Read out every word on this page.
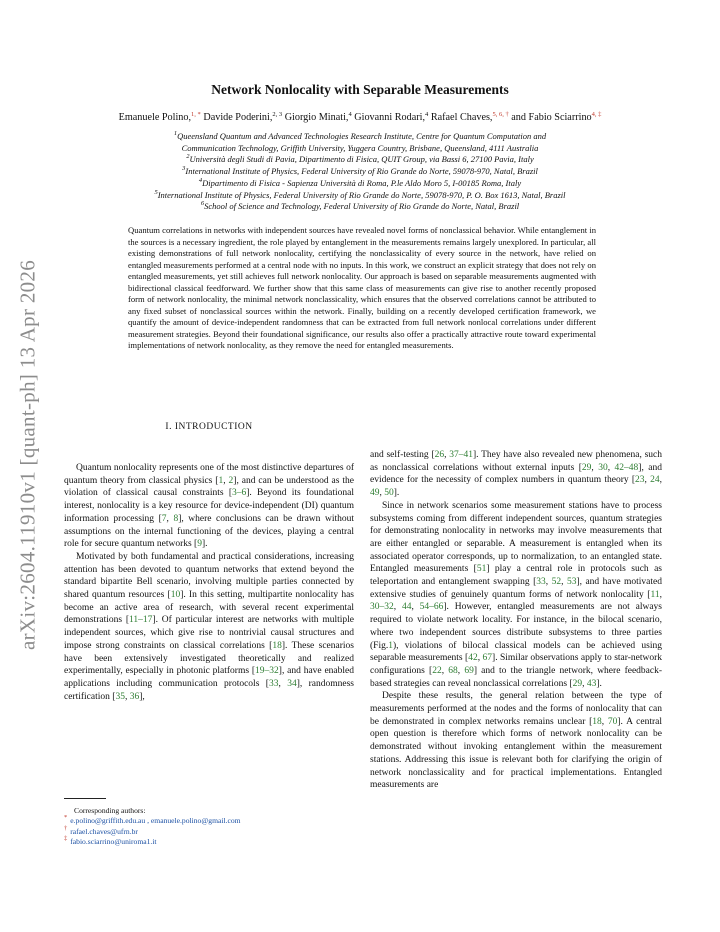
arXiv:2604.11910v1 [quant-ph] 13 Apr 2026
Network Nonlocality with Separable Measurements
Emanuele Polino,$^{1, *}$ Davide Poderini,$^{2, 3}$ Giorgio Minati,$^4$ Giovanni Rodari,$^4$ Rafael Chaves,$^{5, 6, \dagger}$ and Fabio Sciarrino$^{4, \ddagger}$
$^1$Queensland Quantum and Advanced Technologies Research Institute, Centre for Quantum Computation and
Communication Technology, Griffith University, Yuggera Country, Brisbane, Queensland, 4111 Australia
$^2$Università degli Studi di Pavia, Dipartimento di Fisica, QUIT Group, via Bassi 6, 27100 Pavia, Italy
$^3$International Institute of Physics, Federal University of Rio Grande do Norte, 59078-970, Natal, Brazil
$^4$Dipartimento di Fisica - Sapienza Università di Roma, P.le Aldo Moro 5, I-00185 Roma, Italy
$^5$International Institute of Physics, Federal University of Rio Grande do Norte, 59078-970, P. O. Box 1613, Natal, Brazil
$^6$School of Science and Technology, Federal University of Rio Grande do Norte, Natal, Brazil
Quantum correlations in networks with independent sources have revealed novel forms of nonclassical behavior. While entanglement in the sources is a necessary ingredient, the role played by entanglement in the measurements remains largely unexplored. In particular, all existing demonstrations of full network nonlocality, certifying the nonclassicality of every source in the network, have relied on entangled measurements performed at a central node with no inputs. In this work, we construct an explicit strategy that does not rely on entangled measurements, yet still achieves full network nonlocality. Our approach is based on separable measurements augmented with bidirectional classical feedforward. We further show that this same class of measurements can give rise to another recently proposed form of network nonlocality, the minimal network nonclassicality, which ensures that the observed correlations cannot be attributed to any fixed subset of nonclassical sources within the network. Finally, building on a recently developed certification framework, we quantify the amount of device-independent randomness that can be extracted from full network nonlocal correlations under different measurement strategies. Beyond their foundational significance, our results also offer a practically attractive route toward experimental implementations of network nonlocality, as they remove the need for entangled measurements.
I. INTRODUCTION

Quantum nonlocality represents one of the most distinctive departures of quantum theory from classical physics [1, 2], and can be understood as the violation of classical causal constraints [3–6]. Beyond its foundational interest, nonlocality is a key resource for device-independent (DI) quantum information processing [7, 8], where conclusions can be drawn without assumptions on the internal functioning of the devices, playing a central role for secure quantum networks [9].

Motivated by both fundamental and practical considerations, increasing attention has been devoted to quantum networks that extend beyond the standard bipartite Bell scenario, involving multiple parties connected by shared quantum resources [10]. In this setting, multipartite nonlocality has become an active area of research, with several recent experimental demonstrations [11–17]. Of particular interest are networks with multiple independent sources, which give rise to nontrivial causal structures and impose strong constraints on classical correlations [18]. These scenarios have been extensively investigated theoretically and realized experimentally, especially in photonic platforms [19–32], and have enabled applications including communication protocols [33, 34], randomness certification [35, 36],

and self-testing [26, 37–41]. They have also revealed new phenomena, such as nonclassical correlations without external inputs [29, 30, 42–48], and evidence for the necessity of complex numbers in quantum theory [23, 24, 49, 50].

Since in network scenarios some measurement stations have to process subsystems coming from different independent sources, quantum strategies for demonstrating nonlocality in networks may involve measurements that are either entangled or separable. A measurement is entangled when its associated operator corresponds, up to normalization, to an entangled state. Entangled measurements [51] play a central role in protocols such as teleportation and entanglement swapping [33, 52, 53], and have motivated extensive studies of genuinely quantum forms of network nonlocality [11, 30–32, 44, 54–66]. However, entangled measurements are not always required to violate network locality. For instance, in the bilocal scenario, where two independent sources distribute subsystems to three parties (Fig.1), violations of bilocal classical models can be achieved using separable measurements [42, 67]. Similar observations apply to star-network configurations [22, 68, 69] and to the triangle network, where feedback-based strategies can reveal nonclassical correlations [29, 43].

Despite these results, the general relation between the type of measurements performed at the nodes and the forms of nonlocality that can be demonstrated in complex networks remains unclear [18, 70]. A central open question is therefore which forms of network nonlocality can be demonstrated without invoking entanglement within the measurement stations. Addressing this issue is relevant both for clarifying the origin of network nonclassicality and for practical implementations. Entangled measurements are

Corresponding authors:
* e.polino@griffith.edu.au , emanuele.polino@gmail.com
† rafael.chaves@ufrn.br
‡ fabio.sciarrino@uniroma1.it
